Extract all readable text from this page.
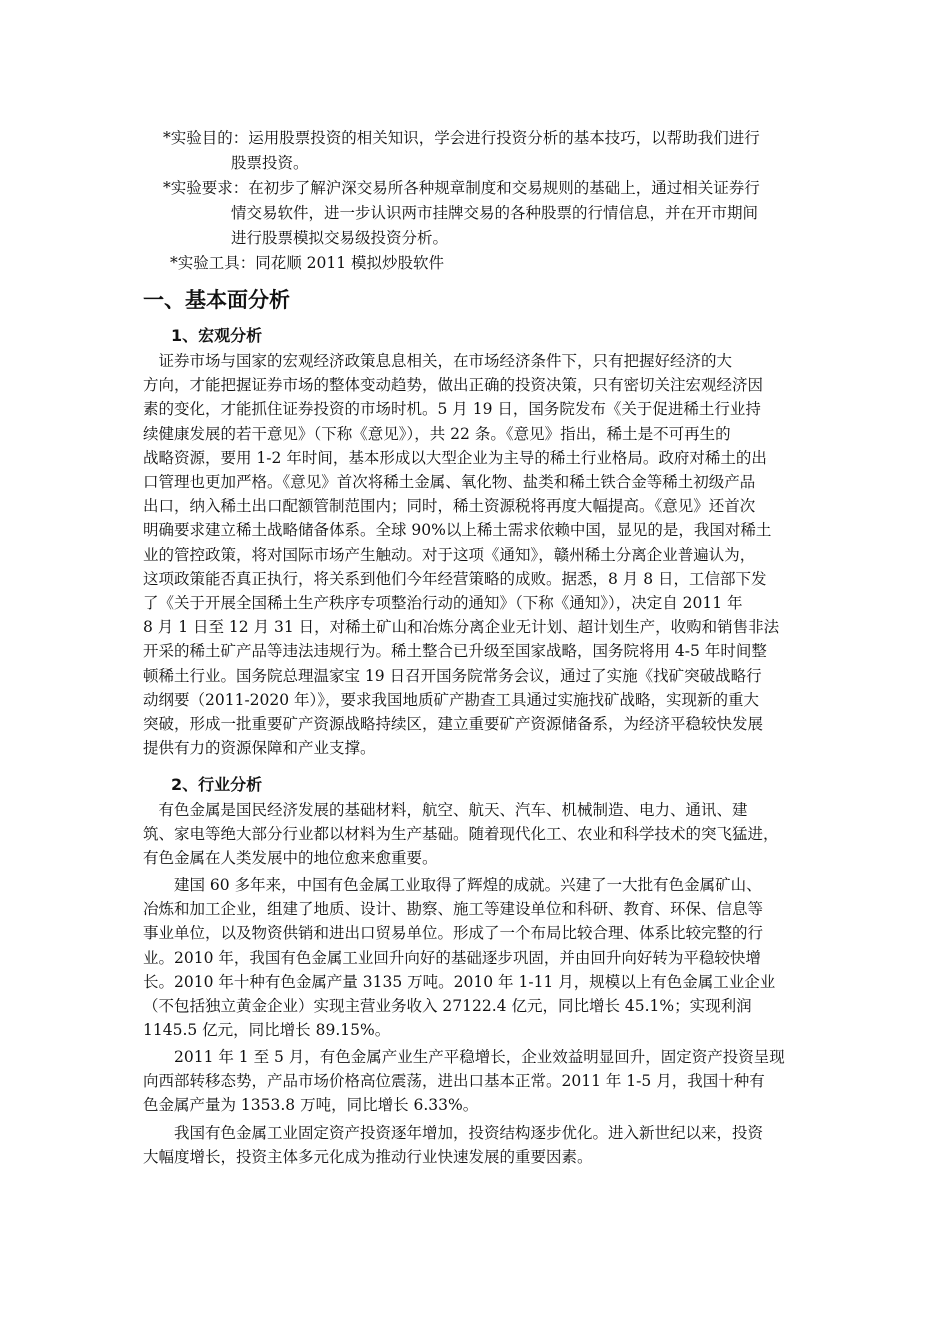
*实验目的：运用股票投资的相关知识，学会进行投资分析的基本技巧，以帮助我们进行
股票投资。
*实验要求：在初步了解沪深交易所各种规章制度和交易规则的基础上，通过相关证券行
情交易软件，进一步认识两市挂牌交易的各种股票的行情信息，并在开市期间
进行股票模拟交易级投资分析。
*实验工具：同花顺 2011 模拟炒股软件
一、基本面分析
1、宏观分析
　证券市场与国家的宏观经济政策息息相关，在市场经济条件下，只有把握好经济的大
方向，才能把握证券市场的整体变动趋势，做出正确的投资决策，只有密切关注宏观经济因
素的变化，才能抓住证券投资的市场时机。5 月 19 日，国务院发布《关于促进稀土行业持
续健康发展的若干意见》（下称《意见》），共 22 条。《意见》指出，稀土是不可再生的
战略资源，要用 1-2 年时间，基本形成以大型企业为主导的稀土行业格局。政府对稀土的出
口管理也更加严格。《意见》首次将稀土金属、氧化物、盐类和稀土铁合金等稀土初级产品
出口，纳入稀土出口配额管制范围内；同时，稀土资源税将再度大幅提高。《意见》还首次
明确要求建立稀土战略储备体系。全球 90%以上稀土需求依赖中国，显见的是，我国对稀土
业的管控政策，将对国际市场产生触动。对于这项《通知》，赣州稀土分离企业普遍认为，
这项政策能否真正执行，将关系到他们今年经营策略的成败。据悉，8 月 8 日，工信部下发
了《关于开展全国稀土生产秩序专项整治行动的通知》（下称《通知》），决定自 2011 年
8 月 1 日至 12 月 31 日，对稀土矿山和冶炼分离企业无计划、超计划生产，收购和销售非法
开采的稀土矿产品等违法违规行为。稀土整合已升级至国家战略，国务院将用 4-5 年时间整
顿稀土行业。国务院总理温家宝 19 日召开国务院常务会议，通过了实施《找矿突破战略行
动纲要（2011-2020 年）》，要求我国地质矿产勘查工具通过实施找矿战略，实现新的重大
突破，形成一批重要矿产资源战略持续区，建立重要矿产资源储备系，为经济平稳较快发展
提供有力的资源保障和产业支撑。
2、行业分析
　有色金属是国民经济发展的基础材料，航空、航天、汽车、机械制造、电力、通讯、建
筑、家电等绝大部分行业都以材料为生产基础。随着现代化工、农业和科学技术的突飞猛进，
有色金属在人类发展中的地位愈来愈重要。
　　建国 60 多年来，中国有色金属工业取得了辉煌的成就。兴建了一大批有色金属矿山、
冶炼和加工企业，组建了地质、设计、勘察、施工等建设单位和科研、教育、环保、信息等
事业单位，以及物资供销和进出口贸易单位。形成了一个布局比较合理、体系比较完整的行
业。2010 年，我国有色金属工业回升向好的基础逐步巩固，并由回升向好转为平稳较快增
长。2010 年十种有色金属产量 3135 万吨。2010 年 1-11 月，规模以上有色金属工业企业
（不包括独立黄金企业）实现主营业务收入 27122.4 亿元，同比增长 45.1%；实现利润
1145.5 亿元，同比增长 89.15%。
　　2011 年 1 至 5 月，有色金属产业生产平稳增长，企业效益明显回升，固定资产投资呈现
向西部转移态势，产品市场价格高位震荡，进出口基本正常。2011 年 1-5 月，我国十种有
色金属产量为 1353.8 万吨，同比增长 6.33%。
　　我国有色金属工业固定资产投资逐年增加，投资结构逐步优化。进入新世纪以来，投资
大幅度增长，投资主体多元化成为推动行业快速发展的重要因素。
